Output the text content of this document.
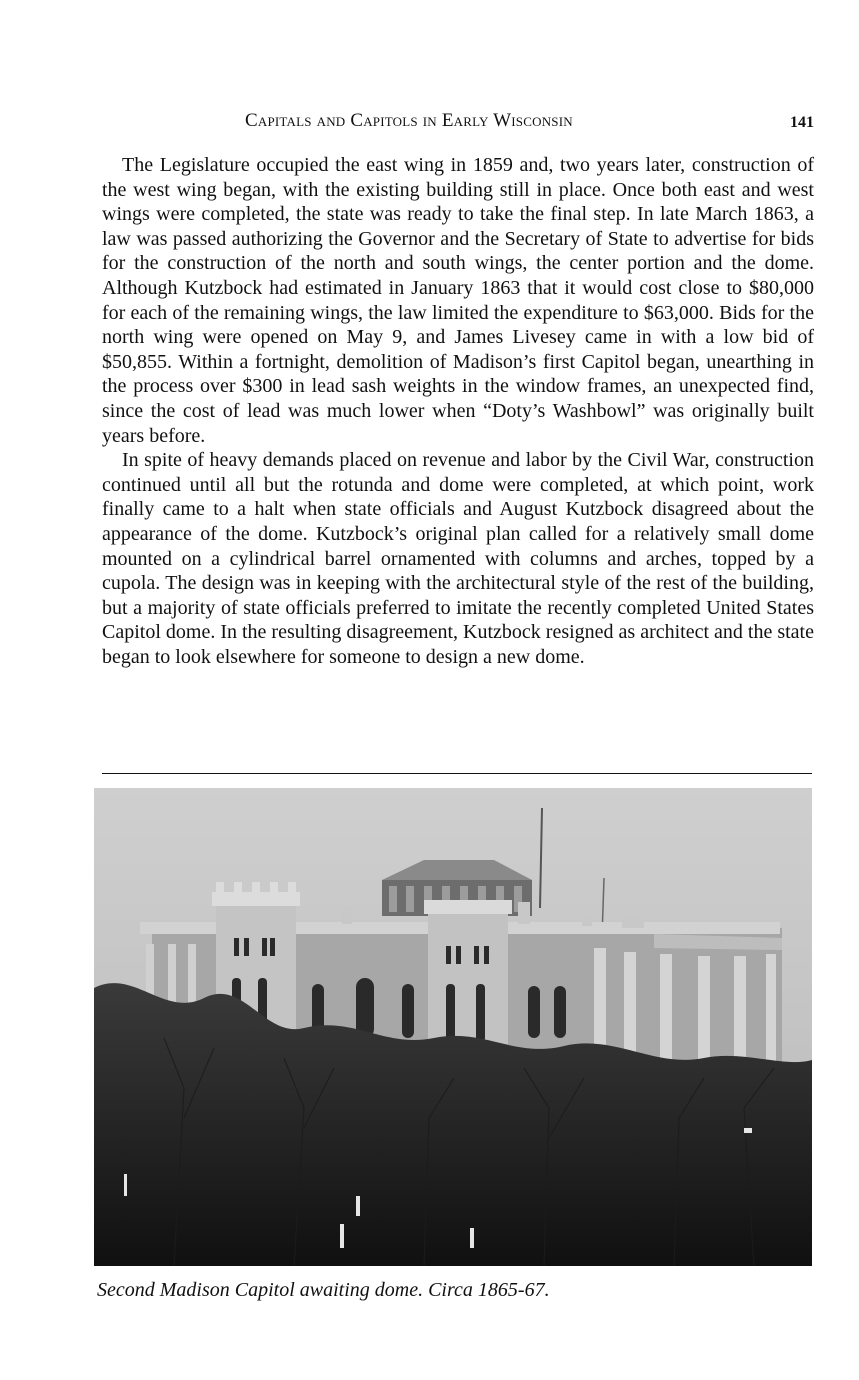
Capitals and Capitols in Early Wisconsin	141

The Legislature occupied the east wing in 1859 and, two years later, construction of the west wing began, with the existing building still in place. Once both east and west wings were completed, the state was ready to take the final step. In late March 1863, a law was passed authorizing the Governor and the Secretary of State to advertise for bids for the construction of the north and south wings, the center portion and the dome. Although Kutzbock had estimated in January 1863 that it would cost close to $80,000 for each of the remaining wings, the law limited the expenditure to $63,000. Bids for the north wing were opened on May 9, and James Livesey came in with a low bid of $50,855. Within a fortnight, demolition of Madison’s first Capitol began, unearthing in the process over $300 in lead sash weights in the window frames, an unexpected find, since the cost of lead was much lower when “Doty’s Washbowl” was originally built years before.

In spite of heavy demands placed on revenue and labor by the Civil War, construction continued until all but the rotunda and dome were completed, at which point, work finally came to a halt when state officials and August Kutzbock disagreed about the appearance of the dome. Kutzbock’s original plan called for a relatively small dome mounted on a cylindrical barrel ornamented with columns and arches, topped by a cupola. The design was in keeping with the architectural style of the rest of the building, but a majority of state officials preferred to imitate the recently completed United States Capitol dome. In the resulting disagreement, Kutzbock resigned as architect and the state began to look elsewhere for someone to design a new dome.

Second Madison Capitol awaiting dome. Circa 1865-67.
